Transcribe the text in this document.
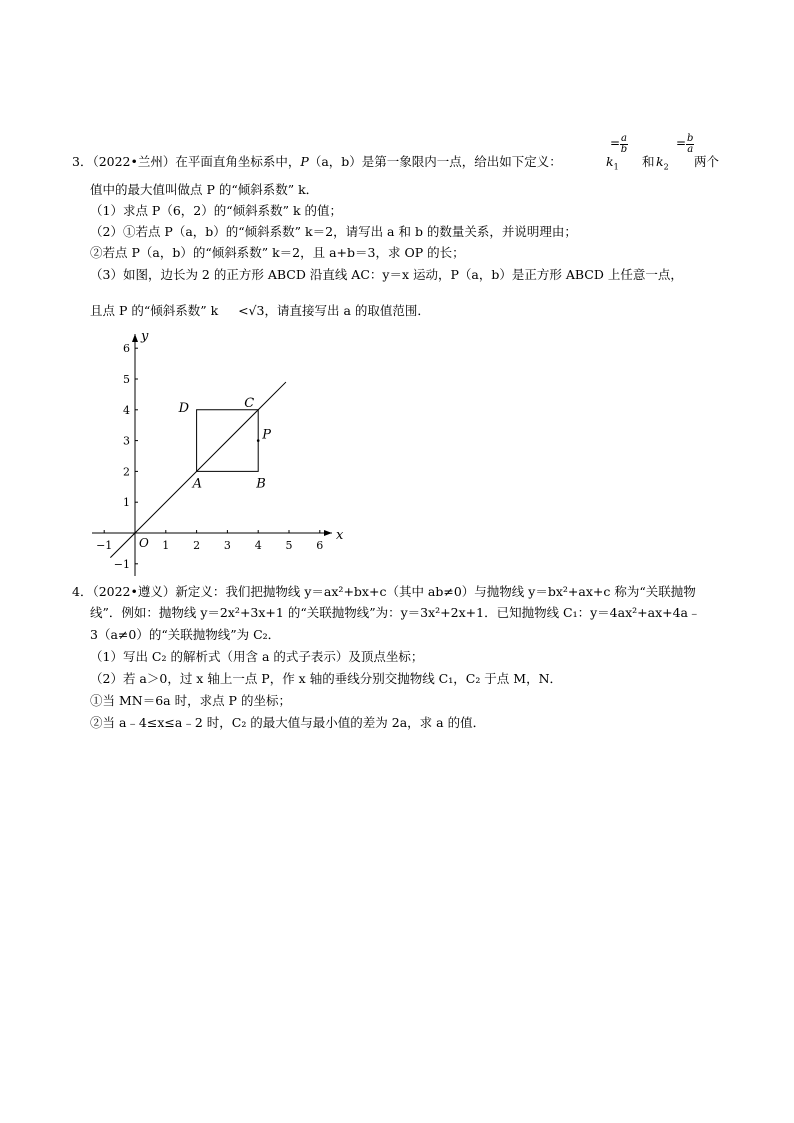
3．（2022•兰州）在平面直角坐标系中，P（a，b）是第一象限内一点，给出如下定义：
= $\frac{a}{b}$
$k_1$ 和 $k_2$
= $\frac{b}{a}$
两个
值中的最大值叫做点 P 的“倾斜系数” k．
（1）求点 P（6，2）的“倾斜系数” k 的值；
（2）①若点 P（a，b）的“倾斜系数” k＝2，请写出 a 和 b 的数量关系，并说明理由；
②若点 P（a，b）的“倾斜系数” k＝2，且 a+b＝3，求 OP 的长；
（3）如图，边长为 2 的正方形 ABCD 沿直线 AC：y＝x 运动，P（a，b）是正方形 ABCD 上任意一点，
且点 P 的“倾斜系数” k <√3，请直接写出 a 的取值范围．
x
y
O
−1	1 2 3 4 5 6
−1
1
2
3
4
5
6
A	B
C
D
P
4．（2022•遵义）新定义：我们把抛物线 y＝ax²+bx+c（其中 ab≠0）与抛物线 y＝bx²+ax+c 称为“关联抛物
线”．例如：抛物线 y＝2x²+3x+1 的“关联抛物线”为：y＝3x²+2x+1．已知抛物线 C₁：y＝4ax²+ax+4a﹣
3（a≠0）的“关联抛物线”为 C₂．
（1）写出 C₂ 的解析式（用含 a 的式子表示）及顶点坐标；
（2）若 a＞0，过 x 轴上一点 P，作 x 轴的垂线分别交抛物线 C₁，C₂ 于点 M，N．
①当 MN＝6a 时，求点 P 的坐标；
②当 a﹣4≤x≤a﹣2 时，C₂ 的最大值与最小值的差为 2a，求 a 的值．
